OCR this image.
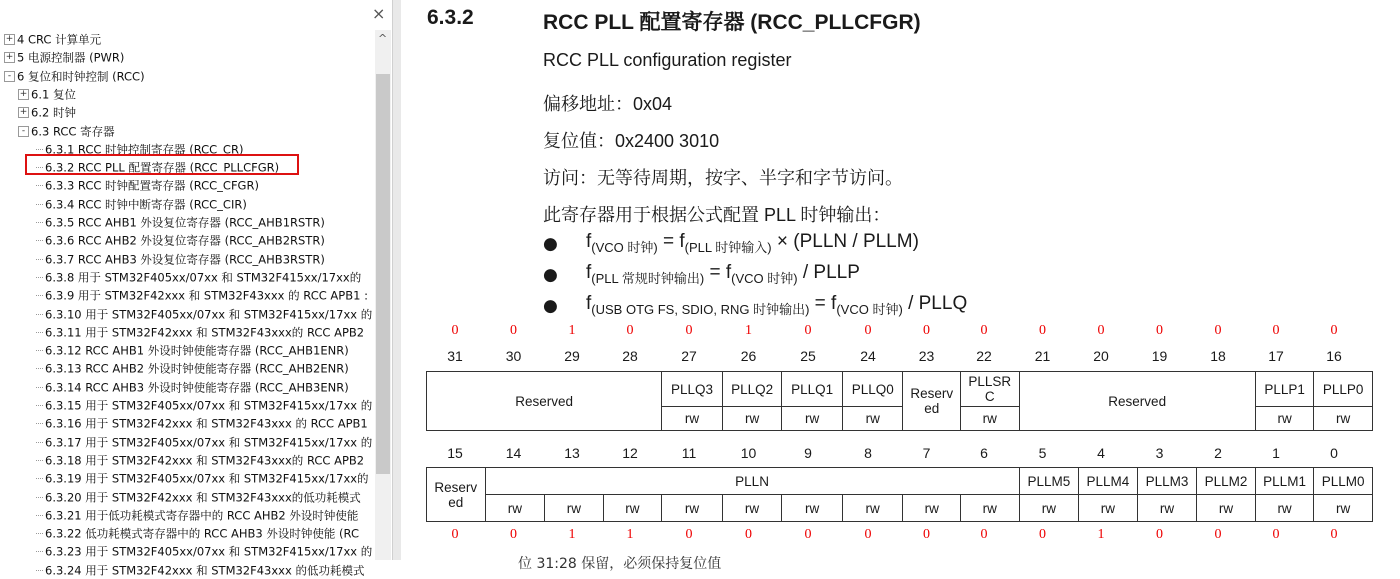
×
+ 4 CRC 计算单元
+ 5 电源控制器 (PWR)
- 6 复位和时钟控制 (RCC)
+ 6.1 复位
+ 6.2 时钟
- 6.3 RCC 寄存器
6.3.1 RCC 时钟控制寄存器 (RCC_CR)
6.3.2 RCC PLL 配置寄存器 (RCC_PLLCFGR)
6.3.3 RCC 时钟配置寄存器 (RCC_CFGR)
6.3.4 RCC 时钟中断寄存器 (RCC_CIR)
6.3.5 RCC AHB1 外设复位寄存器 (RCC_AHB1RSTR)
6.3.6 RCC AHB2 外设复位寄存器 (RCC_AHB2RSTR)
6.3.7 RCC AHB3 外设复位寄存器 (RCC_AHB3RSTR)
6.3.8 用于 STM32F405xx/07xx 和 STM32F415xx/17xx的
6.3.9 用于 STM32F42xxx 和 STM32F43xxx 的 RCC APB1 :
6.3.10 用于 STM32F405xx/07xx 和 STM32F415xx/17xx 的
6.3.11 用于 STM32F42xxx 和 STM32F43xxx的 RCC APB2
6.3.12 RCC AHB1 外设时钟使能寄存器 (RCC_AHB1ENR)
6.3.13 RCC AHB2 外设时钟使能寄存器 (RCC_AHB2ENR)
6.3.14 RCC AHB3 外设时钟使能寄存器 (RCC_AHB3ENR)
6.3.15 用于 STM32F405xx/07xx 和 STM32F415xx/17xx 的
6.3.16 用于 STM32F42xxx 和 STM32F43xxx 的 RCC APB1
6.3.17 用于 STM32F405xx/07xx 和 STM32F415xx/17xx 的
6.3.18 用于 STM32F42xxx 和 STM32F43xxx的 RCC APB2
6.3.19 用于 STM32F405xx/07xx 和 STM32F415xx/17xx的
6.3.20 用于 STM32F42xxx 和 STM32F43xxx的低功耗模式
6.3.21 用于低功耗模式寄存器中的 RCC AHB2 外设时钟使能
6.3.22 低功耗模式寄存器中的 RCC AHB3 外设时钟使能 (RC
6.3.23 用于 STM32F405xx/07xx 和 STM32F415xx/17xx 的
6.3.24 用于 STM32F42xxx 和 STM32F43xxx 的低功耗模式
^
6.3.2	RCC PLL 配置寄存器 (RCC_PLLCFGR)
RCC PLL configuration register
偏移地址：0x04
复位值：0x2400 3010
访问：无等待周期，按字、半字和字节访问。
此寄存器用于根据公式配置 PLL 时钟输出：
● $f_{(VCO 时钟)} = f_{(PLL 时钟输入)}$ × (PLLN / PLLM)
● $f_{(PLL 常规时钟输出)} = f_{(VCO 时钟)}$ / PLLP
● $f_{(USB OTG FS, SDIO, RNG 时钟输出)} = f_{(VCO 时钟)}$ / PLLQ
0	0	1	0	0	1	0	0	0	0	0	0	0	0	0	0
31	30	29	28	27	26	25	24	23	22	21	20	19	18	17	16
Reserved	PLLQ3	PLLQ2	PLLQ1	PLLQ0	Reserv ed	PLLSR C	Reserved	PLLP1	PLLP0
	rw	rw	rw	rw		rw		rw	rw
15	14	13	12	11	10	9	8	7	6	5	4	3	2	1	0
Reserv ed	PLLN									PLLM5	PLLM4	PLLM3	PLLM2	PLLM1	PLLM0
	rw	rw	rw	rw	rw	rw	rw	rw	rw	rw	rw	rw	rw	rw	rw
0	0	1	1	0	0	0	0	0	0	0	1	0	0	0	0
位 31:28 保留，必须保持复位值
